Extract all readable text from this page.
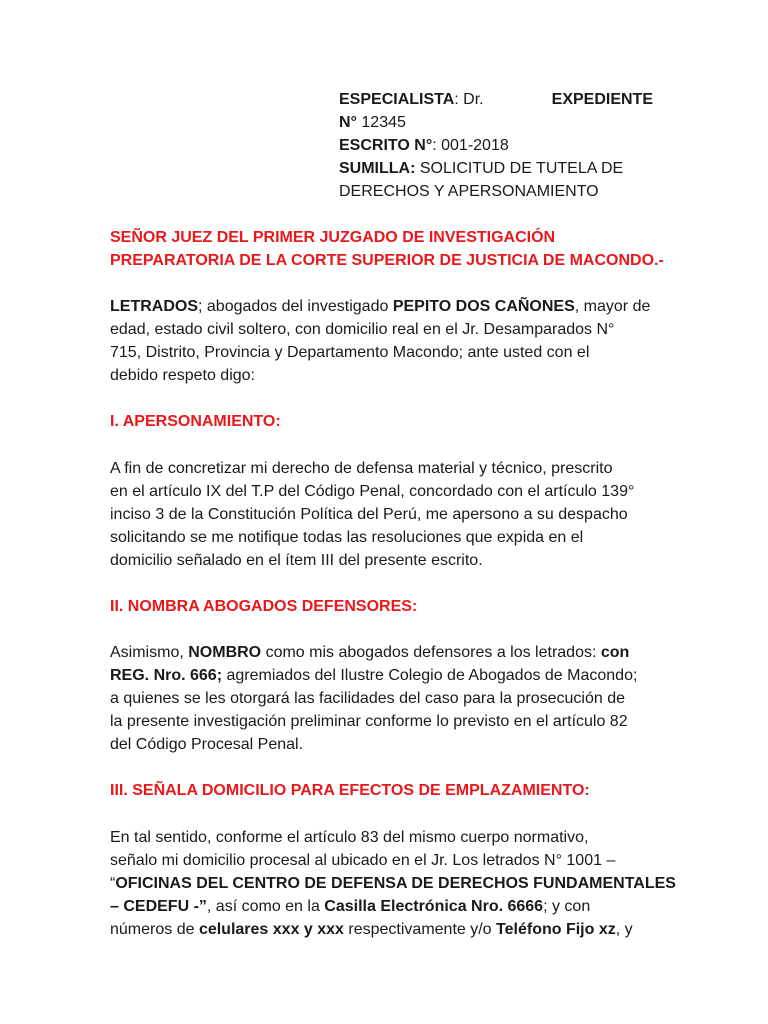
ESPECIALISTA: Dr.	EXPEDIENTE
N° 12345
ESCRITO N°: 001-2018
SUMILLA: SOLICITUD DE TUTELA DE
DERECHOS Y APERSONAMIENTO
SEÑOR JUEZ DEL PRIMER JUZGADO DE INVESTIGACIÓN
PREPARATORIA DE LA CORTE SUPERIOR DE JUSTICIA DE MACONDO.-
LETRADOS; abogados del investigado PEPITO DOS CAÑONES, mayor de
edad, estado civil soltero, con domicilio real en el Jr. Desamparados N°
715, Distrito, Provincia y Departamento Macondo; ante usted con el
debido respeto digo:
I. APERSONAMIENTO:
A fin de concretizar mi derecho de defensa material y técnico, prescrito
en el artículo IX del T.P del Código Penal, concordado con el artículo 139°
inciso 3 de la Constitución Política del Perú, me apersono a su despacho
solicitando se me notifique todas las resoluciones que expida en el
domicilio señalado en el ítem III del presente escrito.
II. NOMBRA ABOGADOS DEFENSORES:
Asimismo, NOMBRO como mis abogados defensores a los letrados: con
REG. Nro. 666; agremiados del Ilustre Colegio de Abogados de Macondo;
a quienes se les otorgará las facilidades del caso para la prosecución de
la presente investigación preliminar conforme lo previsto en el artículo 82
del Código Procesal Penal.
III. SEÑALA DOMICILIO PARA EFECTOS DE EMPLAZAMIENTO:
En tal sentido, conforme el artículo 83 del mismo cuerpo normativo,
señalo mi domicilio procesal al ubicado en el Jr. Los letrados N° 1001 –
“OFICINAS DEL CENTRO DE DEFENSA DE DERECHOS FUNDAMENTALES
– CEDEFU -”, así como en la Casilla Electrónica Nro. 6666; y con
números de celulares xxx y xxx respectivamente y/o Teléfono Fijo xz, y
